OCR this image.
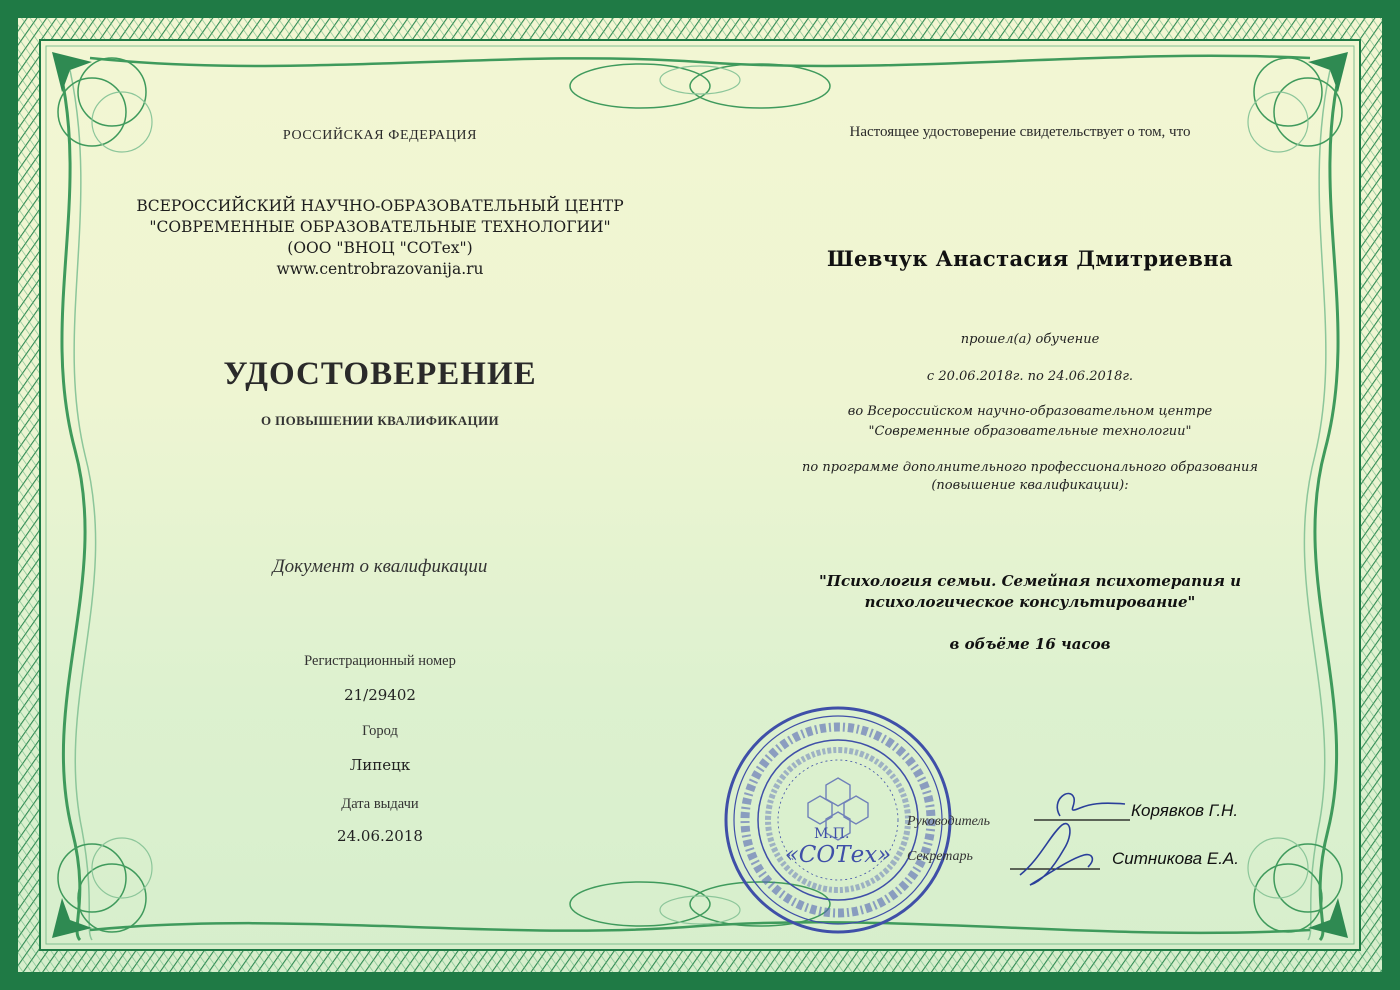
РОССИЙСКАЯ ФЕДЕРАЦИЯ

ВСЕРОССИЙСКИЙ НАУЧНО-ОБРАЗОВАТЕЛЬНЫЙ ЦЕНТР
"СОВРЕМЕННЫЕ ОБРАЗОВАТЕЛЬНЫЕ ТЕХНОЛОГИИ"
(ООО "ВНОЦ "СОТех")
www.centrobrazovanija.ru

УДОСТОВЕРЕНИЕ

О ПОВЫШЕНИИ КВАЛИФИКАЦИИ

Документ о квалификации

Регистрационный номер

21/29402

Город

Липецк

Дата выдачи

24.06.2018

Настоящее удостоверение свидетельствует о том, что

Шевчук Анастасия Дмитриевна

прошел(а) обучение

с 20.06.2018г. по 24.06.2018г.

во Всероссийском научно-образовательном центре

"Современные образовательные технологии"

по программе дополнительного профессионального образования

(повышение квалификации):

"Психология семьи. Семейная психотерапия и психологическое консультирование"

в объёме 16 часов

М.П.
«СОТех»

Руководитель

Корявков Г.Н.

Секретарь	Ситникова Е.А.
